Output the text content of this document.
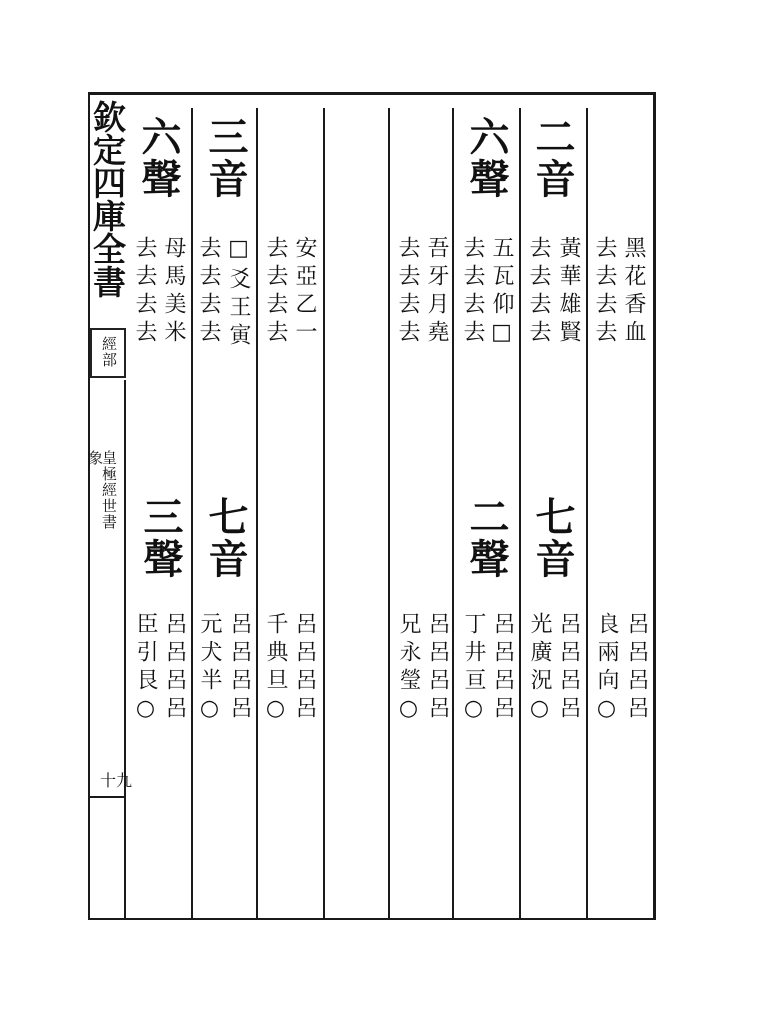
欽定四庫全書
經部
象
皇極經世書
十九
黑花香血
去去去去
呂呂呂呂
良兩向○
二音
黃華雄賢
去去去去
七音
呂呂呂呂
光廣況○
六聲
五瓦仰□
去去去去
二聲
呂呂呂呂
丁井亘○
吾牙月堯
去去去去
呂呂呂呂
兄永瑩○
安亞乙一
去去去去
呂呂呂呂
千典旦○
三音
□爻王寅
去去去去
七音
呂呂呂呂
元犬半○
六聲
母馬美米
去去去去
三聲
呂呂呂呂
臣引艮○
